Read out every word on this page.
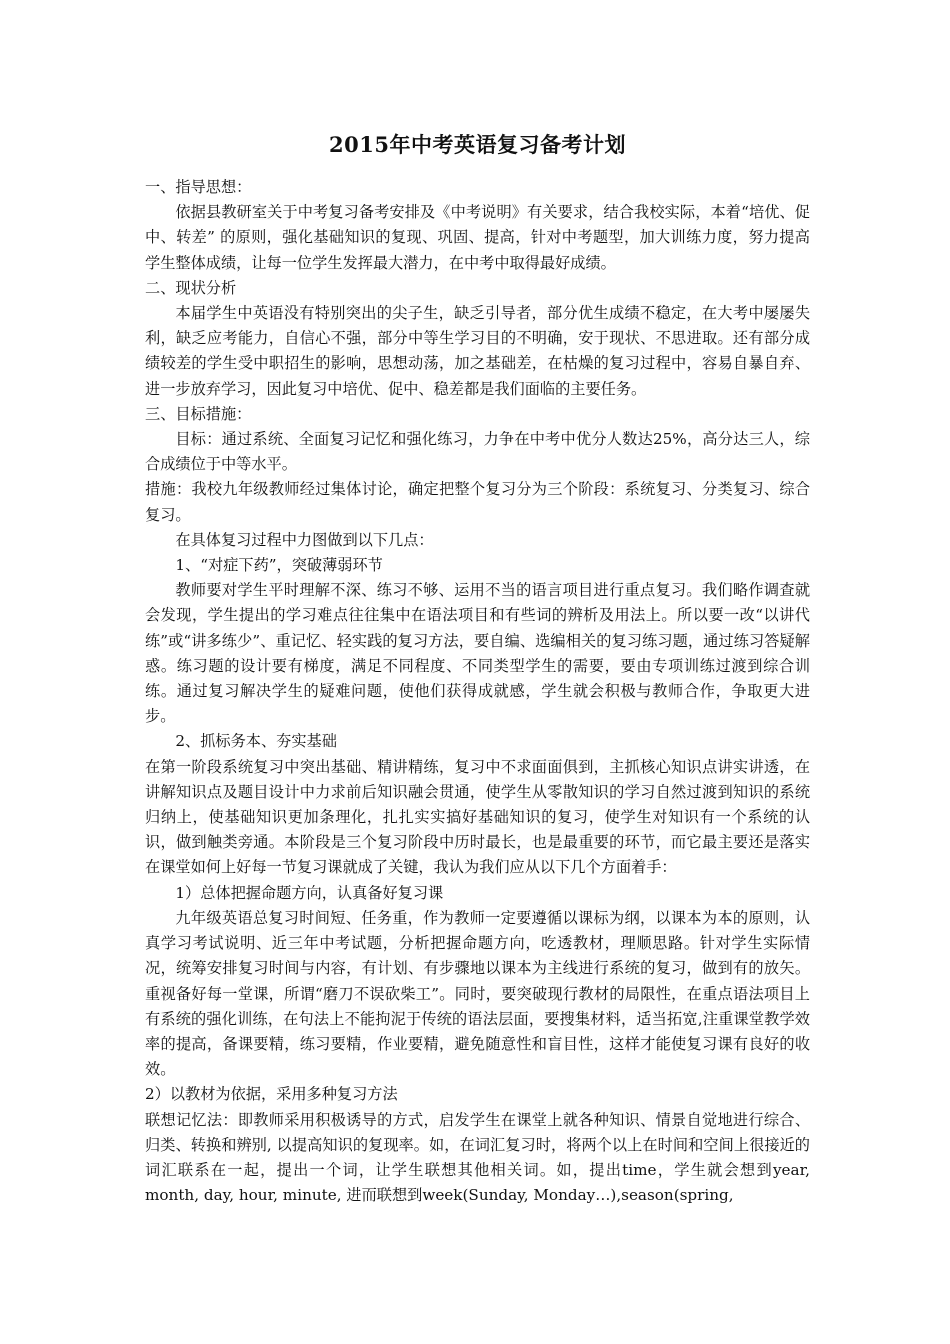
2015年中考英语复习备考计划

一、指导思想：

依据县教研室关于中考复习备考安排及《中考说明》有关要求，结合我校实际，本着“培优、促中、转差” 的原则，强化基础知识的复现、巩固、提高，针对中考题型，加大训练力度，努力提高学生整体成绩，让每一位学生发挥最大潜力，在中考中取得最好成绩。

二、现状分析

本届学生中英语没有特别突出的尖子生，缺乏引导者，部分优生成绩不稳定，在大考中屡屡失利，缺乏应考能力，自信心不强，部分中等生学习目的不明确，安于现状、不思进取。还有部分成绩较差的学生受中职招生的影响，思想动荡，加之基础差，在枯燥的复习过程中，容易自暴自弃、进一步放弃学习，因此复习中培优、促中、稳差都是我们面临的主要任务。

三、目标措施：

目标：通过系统、全面复习记忆和强化练习，力争在中考中优分人数达25%，高分达三人，综合成绩位于中等水平。

措施：我校九年级教师经过集体讨论，确定把整个复习分为三个阶段：系统复习、分类复习、综合复习。

在具体复习过程中力图做到以下几点：

1、“对症下药”，突破薄弱环节

教师要对学生平时理解不深、练习不够、运用不当的语言项目进行重点复习。我们略作调查就会发现，学生提出的学习难点往往集中在语法项目和有些词的辨析及用法上。所以要一改“以讲代练”或“讲多练少”、重记忆、轻实践的复习方法，要自编、选编相关的复习练习题，通过练习答疑解惑。练习题的设计要有梯度，满足不同程度、不同类型学生的需要，要由专项训练过渡到综合训练。通过复习解决学生的疑难问题，使他们获得成就感，学生就会积极与教师合作，争取更大进步。

2、抓标务本、夯实基础

在第一阶段系统复习中突出基础、精讲精练，复习中不求面面俱到，主抓核心知识点讲实讲透，在讲解知识点及题目设计中力求前后知识融会贯通，使学生从零散知识的学习自然过渡到知识的系统归纳上，使基础知识更加条理化，扎扎实实搞好基础知识的复习，使学生对知识有一个系统的认识，做到触类旁通。本阶段是三个复习阶段中历时最长，也是最重要的环节，而它最主要还是落实在课堂如何上好每一节复习课就成了关键，我认为我们应从以下几个方面着手：

1）总体把握命题方向，认真备好复习课

九年级英语总复习时间短、任务重，作为教师一定要遵循以课标为纲，以课本为本的原则，认真学习考试说明、近三年中考试题，分析把握命题方向，吃透教材，理顺思路。针对学生实际情况，统筹安排复习时间与内容，有计划、有步骤地以课本为主线进行系统的复习，做到有的放矢。重视备好每一堂课，所谓“磨刀不误砍柴工”。同时，要突破现行教材的局限性，在重点语法项目上有系统的强化训练，在句法上不能拘泥于传统的语法层面，要搜集材料，适当拓宽,注重课堂教学效率的提高，备课要精，练习要精，作业要精，避免随意性和盲目性，这样才能使复习课有良好的收效。

2）以教材为依据，采用多种复习方法

联想记忆法：即教师采用积极诱导的方式，启发学生在课堂上就各种知识、情景自觉地进行综合、归类、转换和辨别, 以提高知识的复现率。如，在词汇复习时，将两个以上在时间和空间上很接近的词汇联系在一起，提出一个词，让学生联想其他相关词。如，提出time，学生就会想到year, month, day, hour, minute, 进而联想到week(Sunday, Monday…),season(spring,
